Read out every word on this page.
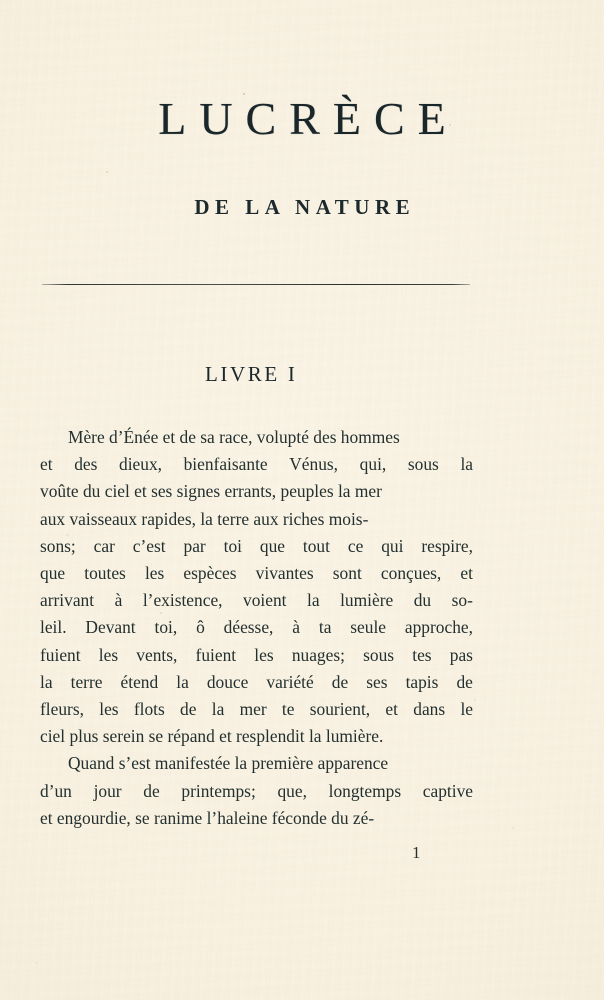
LUCRÈCE
DE LA NATURE
LIVRE I

Mère d’Énée et de sa race, volupté des hommes
et des dieux, bienfaisante Vénus, qui, sous la
voûte du ciel et ses signes errants, peuples la mer
aux vaisseaux rapides, la terre aux riches mois-
sons; car c’est par toi que tout ce qui respire,
que toutes les espèces vivantes sont conçues, et
arrivant à l’existence, voient la lumière du so-
leil. Devant toi, ô déesse, à ta seule approche,
fuient les vents, fuient les nuages; sous tes pas
la terre étend la douce variété de ses tapis de
fleurs, les flots de la mer te sourient, et dans le
ciel plus serein se répand et resplendit la lumière.

Quand s’est manifestée la première apparence
d’un jour de printemps; que, longtemps captive
et engourdie, se ranime l’haleine féconde du zé-

1
